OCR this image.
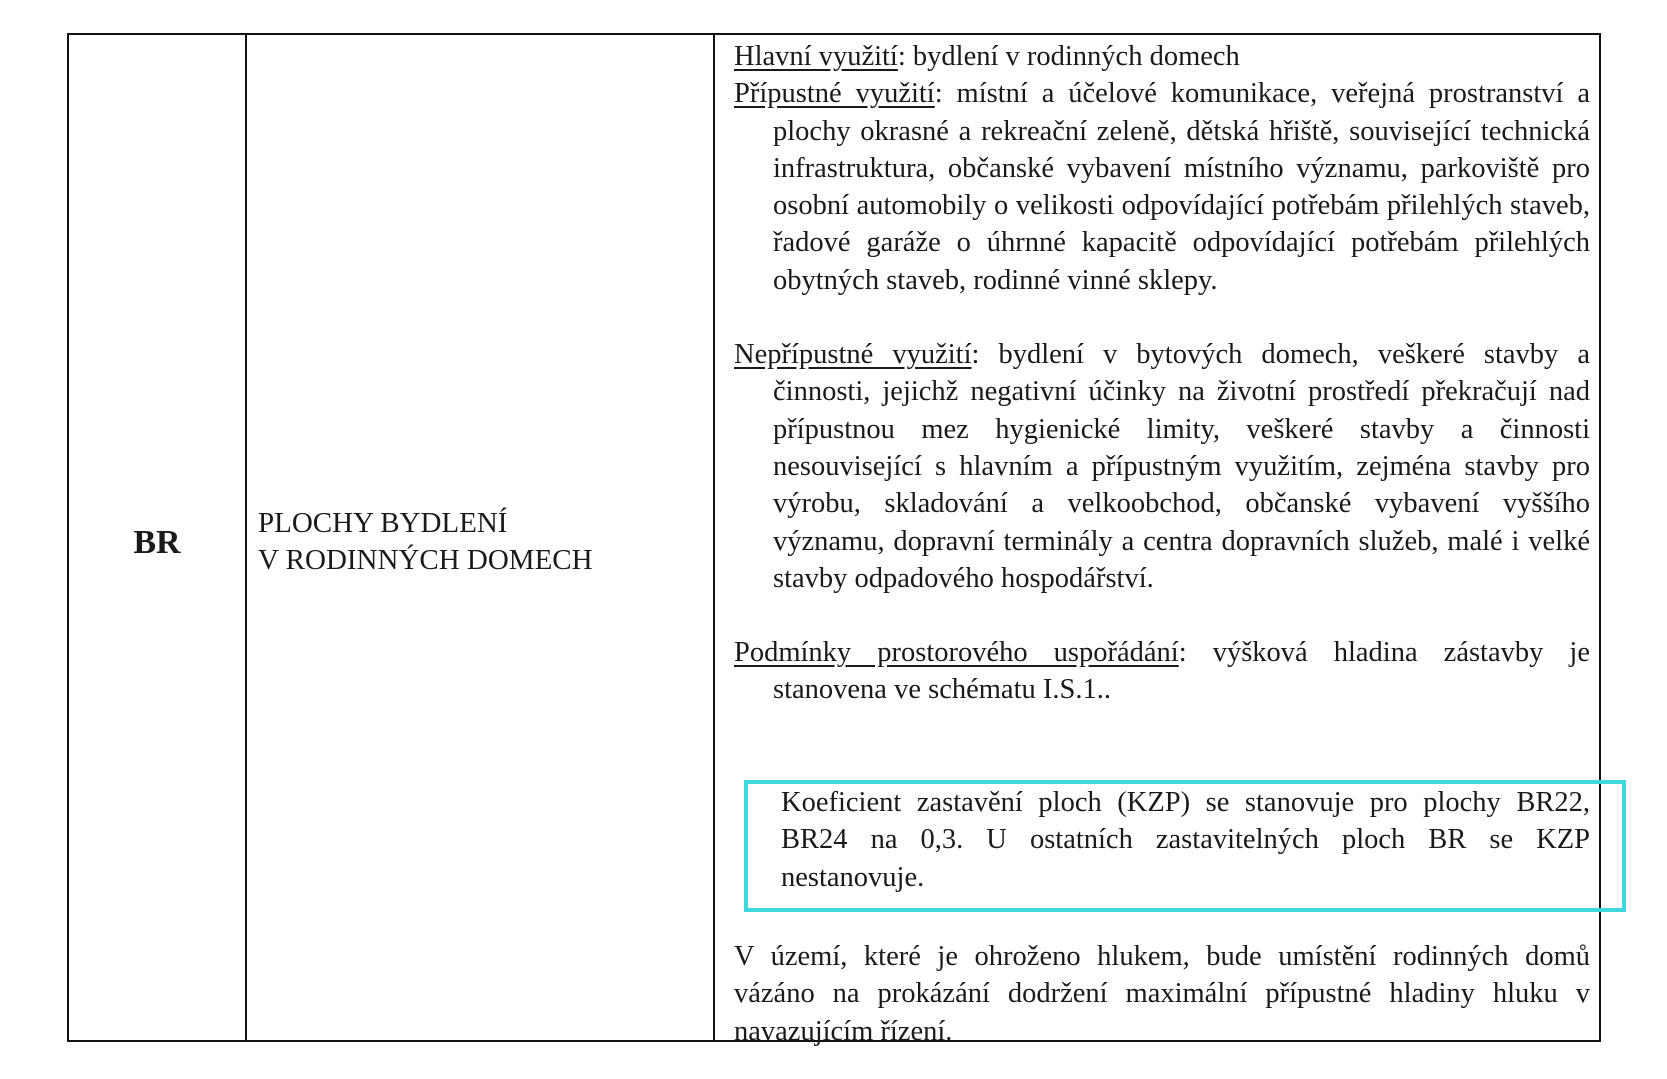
BR
PLOCHY BYDLENÍ
V RODINNÝCH DOMECH
Hlavní využití: bydlení v rodinných domech
Přípustné využití: místní a účelové komunikace, veřejná prostranství a plochy okrasné a rekreační zeleně, dětská hřiště, související technická infrastruktura, občanské vybavení místního významu, parkoviště pro osobní automobily o velikosti odpovídající potřebám přilehlých staveb, řadové garáže o úhrnné kapacitě odpovídající potřebám přilehlých obytných staveb, rodinné vinné sklepy.
Nepřípustné využití: bydlení v bytových domech, veškeré stavby a činnosti, jejichž negativní účinky na životní prostředí překračují nad přípustnou mez hygienické limity, veškeré stavby a činnosti nesouvisející s hlavním a přípustným využitím, zejména stavby pro výrobu, skladování a velkoobchod, občanské vybavení vyššího významu, dopravní terminály a centra dopravních služeb, malé i velké stavby odpadového hospodářství.
Podmínky prostorového uspořádání: výšková hladina zástavby je stanovena ve schématu I.S.1..
Koeficient zastavění ploch (KZP) se stanovuje pro plochy BR22, BR24 na 0,3. U ostatních zastavitelných ploch BR se KZP nestanovuje.
V území, které je ohroženo hlukem, bude umístění rodinných domů vázáno na prokázání dodržení maximální přípustné hladiny hluku v navazujícím řízení.
